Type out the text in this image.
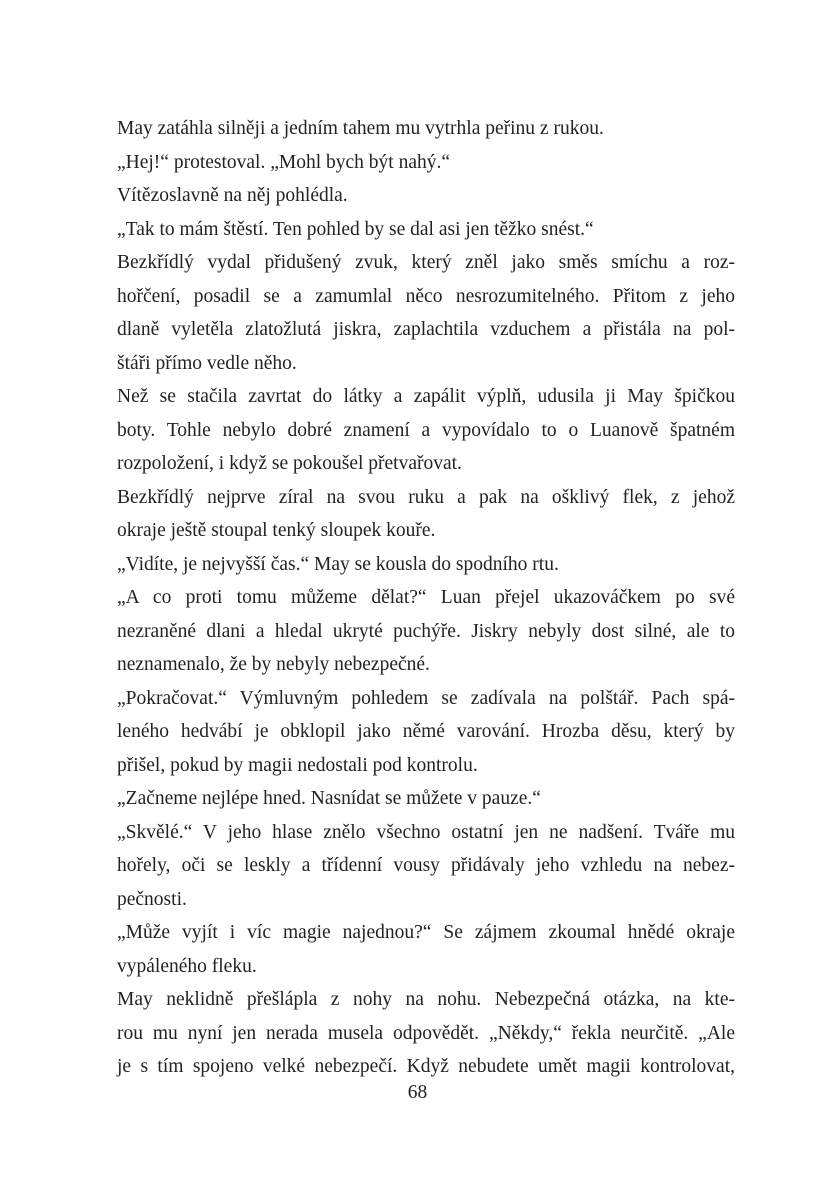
May zatáhla silněji a jedním tahem mu vytrhla peřinu z rukou.
„Hej!“ protestoval. „Mohl bych být nahý.“
Vítězoslavně na něj pohlédla.
„Tak to mám štěstí. Ten pohled by se dal asi jen těžko snést.“
Bezkřídlý vydal přidušený zvuk, který zněl jako směs smíchu a roz-
hořčení, posadil se a zamumlal něco nesrozumitelného. Přitom z jeho
dlaně vyletěla zlatožlutá jiskra, zaplachtila vzduchem a přistála na pol-
štáři přímo vedle něho.
Než se stačila zavrtat do látky a zapálit výplň, udusila ji May špičkou
boty. Tohle nebylo dobré znamení a vypovídalo to o Luanově špatném
rozpoložení, i když se pokoušel přetvařovat.
Bezkřídlý nejprve zíral na svou ruku a pak na ošklivý flek, z jehož
okraje ještě stoupal tenký sloupek kouře.
„Vidíte, je nejvyšší čas.“ May se kousla do spodního rtu.
„A co proti tomu můžeme dělat?“ Luan přejel ukazováčkem po své
nezraněné dlani a hledal ukryté puchýře. Jiskry nebyly dost silné, ale to
neznamenalo, že by nebyly nebezpečné.
„Pokračovat.“ Výmluvným pohledem se zadívala na polštář. Pach spá-
leného hedvábí je obklopil jako němé varování. Hrozba děsu, který by
přišel, pokud by magii nedostali pod kontrolu.
„Začneme nejlépe hned. Nasnídat se můžete v pauze.“
„Skvělé.“ V jeho hlase znělo všechno ostatní jen ne nadšení. Tváře mu
hořely, oči se leskly a třídenní vousy přidávaly jeho vzhledu na nebez-
pečnosti.
„Může vyjít i víc magie najednou?“ Se zájmem zkoumal hnědé okraje
vypáleného fleku.
May neklidně přešlápla z nohy na nohu. Nebezpečná otázka, na kte-
rou mu nyní jen nerada musela odpovědět. „Někdy,“ řekla neurčitě. „Ale
je s tím spojeno velké nebezpečí. Když nebudete umět magii kontrolovat,
68
